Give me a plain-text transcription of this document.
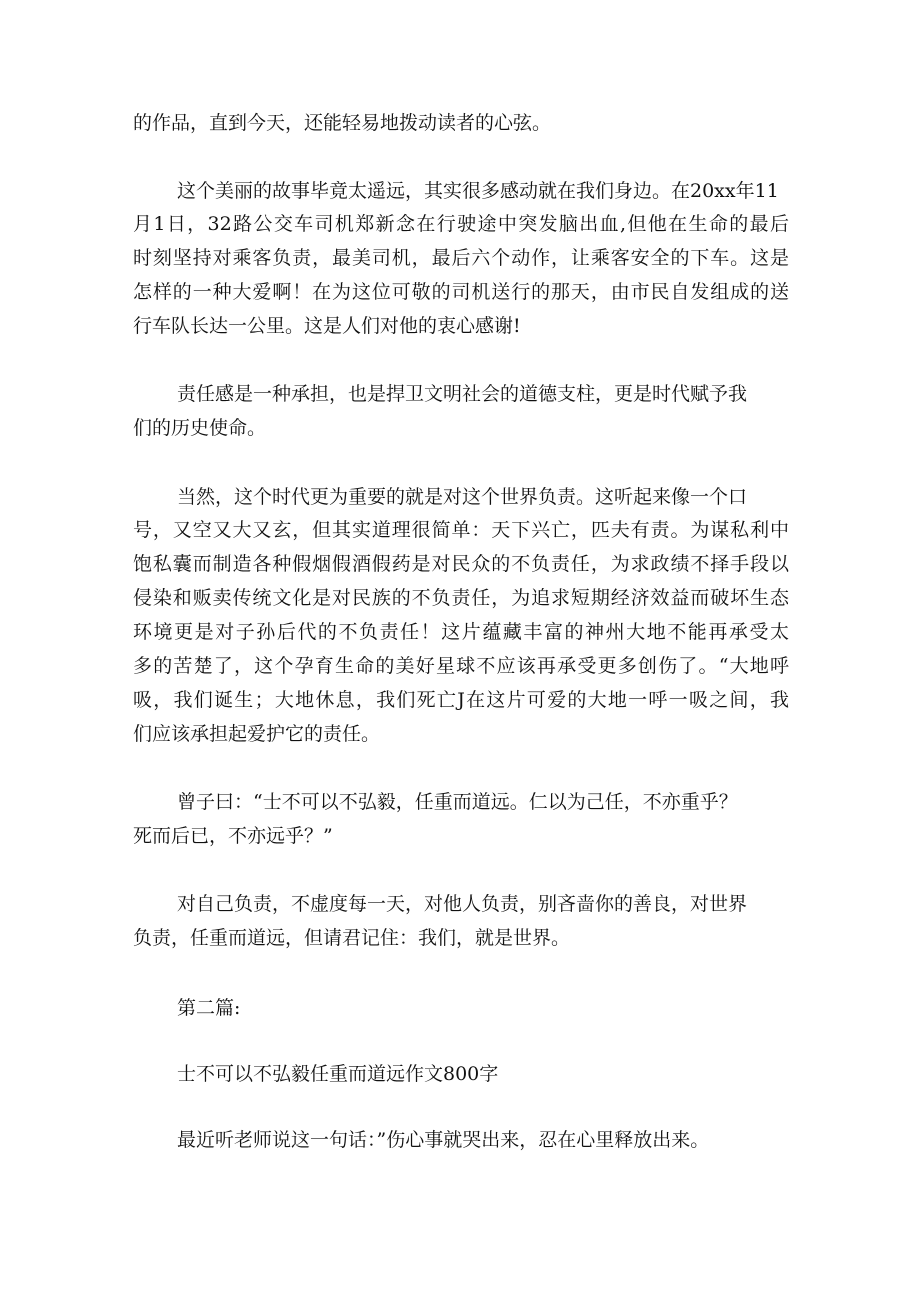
的作品，直到今天，还能轻易地拨动读者的心弦。
这个美丽的故事毕竟太遥远，其实很多感动就在我们身边。在20xx年11
月1日，32路公交车司机郑新念在行驶途中突发脑出血,但他在生命的最后
时刻坚持对乘客负责，最美司机，最后六个动作，让乘客安全的下车。这是
怎样的一种大爱啊！在为这位可敬的司机送行的那天，由市民自发组成的送
行车队长达一公里。这是人们对他的衷心感谢!
责任感是一种承担，也是捍卫文明社会的道德支柱，更是时代赋予我
们的历史使命。
当然，这个时代更为重要的就是对这个世界负责。这听起来像一个口
号，又空又大又玄，但其实道理很简单：天下兴亡，匹夫有责。为谋私利中
饱私囊而制造各种假烟假酒假药是对民众的不负责任，为求政绩不择手段以
侵染和贩卖传统文化是对民族的不负责任，为追求短期经济效益而破坏生态
环境更是对子孙后代的不负责任！这片蕴藏丰富的神州大地不能再承受太
多的苦楚了，这个孕育生命的美好星球不应该再承受更多创伤了。“大地呼
吸，我们诞生；大地休息，我们死亡J在这片可爱的大地一呼一吸之间，我
们应该承担起爱护它的责任。
曾子曰：“士不可以不弘毅，任重而道远。仁以为己任，不亦重乎？
死而后已，不亦远乎？”
对自己负责，不虚度每一天，对他人负责，别吝啬你的善良，对世界
负责，任重而道远，但请君记住：我们，就是世界。
第二篇:
士不可以不弘毅任重而道远作文800字
最近听老师说这一句话：”伤心事就哭出来，忍在心里释放出来。
